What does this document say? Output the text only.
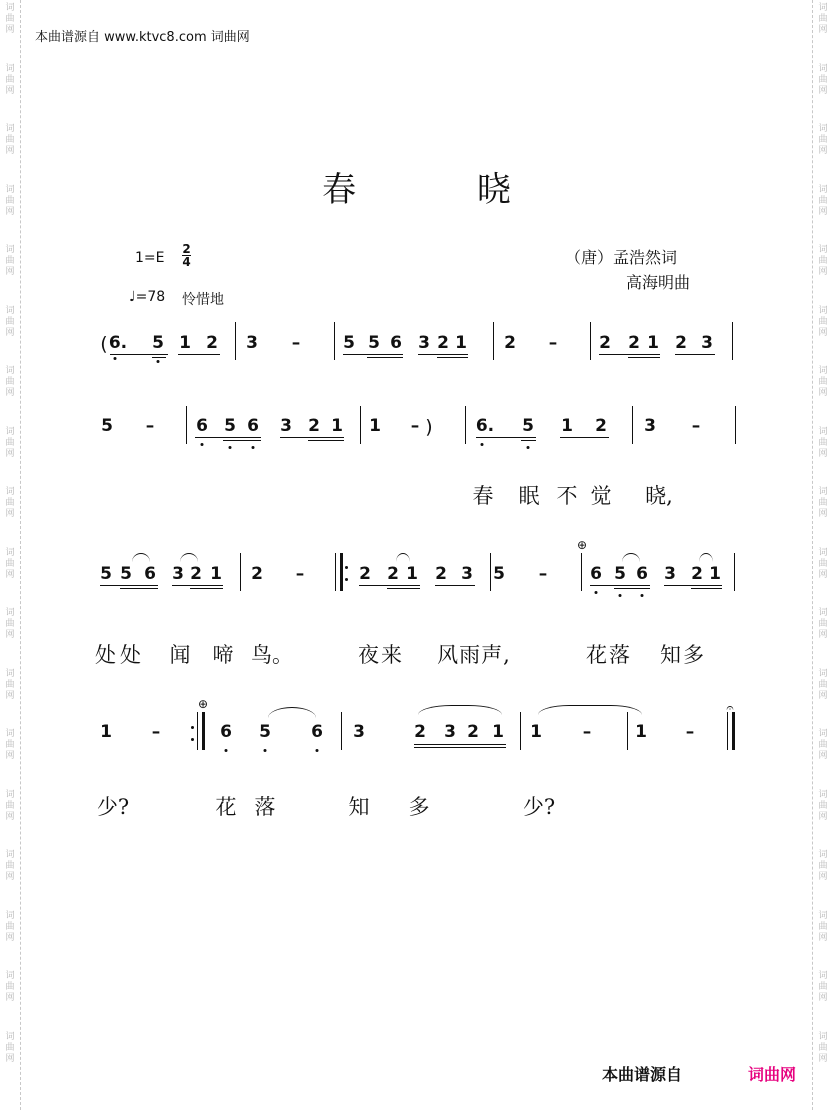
词
曲
网
词
曲
网
词
曲
网
词
曲
网
词
曲
网
词
曲
网
词
曲
网
词
曲
网
词
曲
网
词
曲
网
词
曲
网
词
曲
网
词
曲
网
词
曲
网
词
曲
网
词
曲
网
词
曲
网
词
曲
网
词
曲
网
词
曲
网
词
曲
网
词
曲
网
词
曲
网
词
曲
网
词
曲
网
词
曲
网
词
曲
网
词
曲
网
词
曲
网
词
曲
网
词
曲
网
词
曲
网
词
曲
网
词
曲
网
词
曲
网
词
曲
网
本曲谱源自 www.ktvc8.com 词曲网
春	晓
1=E
2
4
♩=78 怜惜地
（唐）孟浩然词
高海明曲
( 6. 5 1 2 3 –	5 5 6 3 2 1 2 – 2 2 1 2 3
5 – 6 5 6 3 2 1 1 – )	6. 5 1 2 3 –
春 眠 不 觉 晓,
5 5 6 3 2 1 2 –	2 2 1 2 3 5 –
⊕
6 5 6 3 2 1
处处 闻 啼 鸟。	夜来 风雨声,	花落 知多
1 –
⊕
6 5 6 3	2 3 2 1 1 –	1 –
𝄐
少?	花 落	知 多	少?
本曲谱源自	词曲网
